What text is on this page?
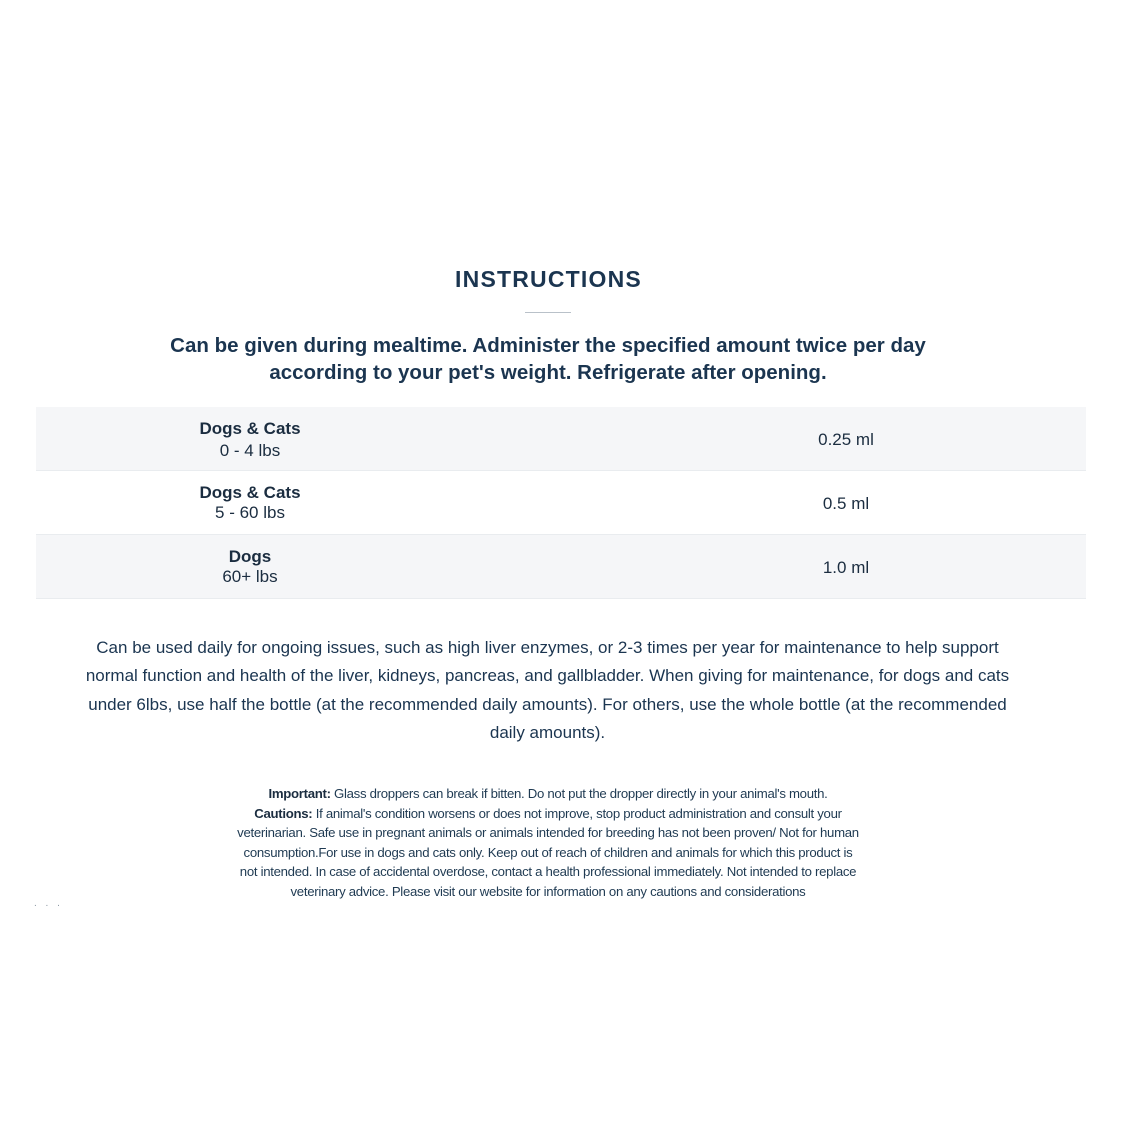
INSTRUCTIONS
Can be given during mealtime. Administer the specified amount twice per day
according to your pet's weight. Refrigerate after opening.
Dogs & Cats
0 - 4 lbs
0.25 ml
Dogs & Cats
5 - 60 lbs	0.5 ml
Dogs
60+ lbs	1.0 ml
Can be used daily for ongoing issues, such as high liver enzymes, or 2-3 times per year for maintenance to help support
normal function and health of the liver, kidneys, pancreas, and gallbladder. When giving for maintenance, for dogs and cats
under 6lbs, use half the bottle (at the recommended daily amounts). For others, use the whole bottle (at the recommended
daily amounts).
Important: Glass droppers can break if bitten. Do not put the dropper directly in your animal's mouth.
Cautions: If animal's condition worsens or does not improve, stop product administration and consult your
veterinarian. Safe use in pregnant animals or animals intended for breeding has not been proven/ Not for human
consumption.For use in dogs and cats only. Keep out of reach of children and animals for which this product is
not intended. In case of accidental overdose, contact a health professional immediately. Not intended to replace
veterinary advice. Please visit our website for information on any cautions and considerations
. . .
